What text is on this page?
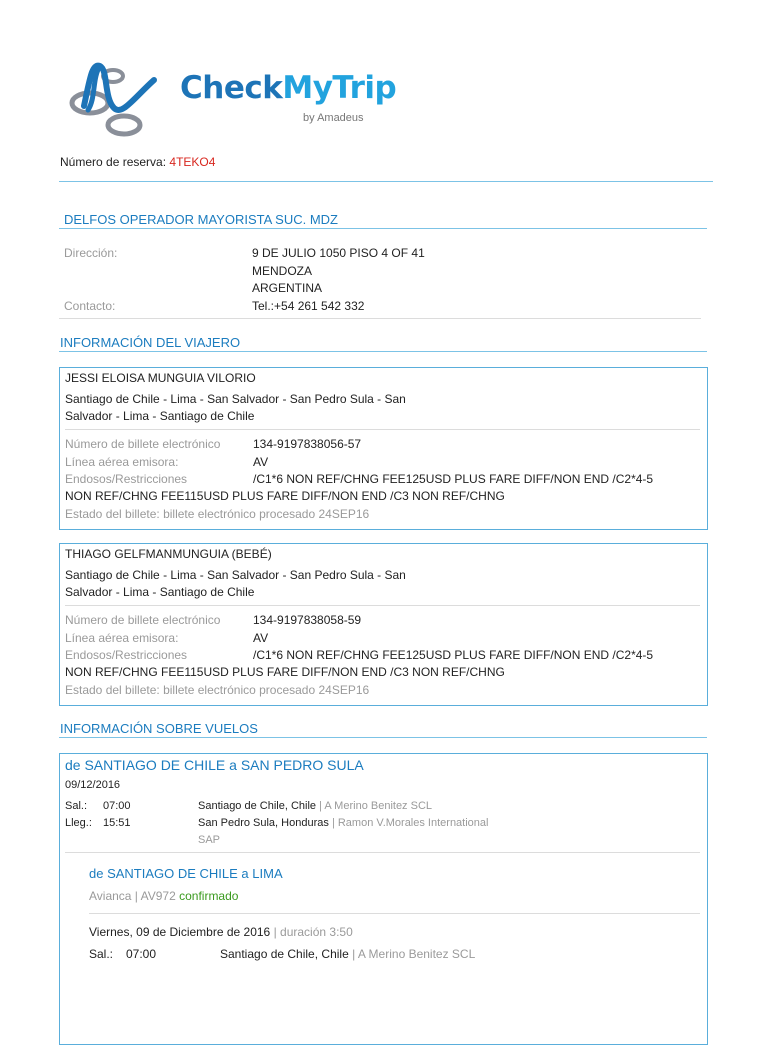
CheckMyTrip
by Amadeus
Número de reserva: 4TEKO4
DELFOS OPERADOR MAYORISTA SUC. MDZ
Dirección:	9 DE JULIO 1050 PISO 4 OF 41
MENDOZA
ARGENTINA
Contacto:	Tel.:+54 261 542 332
INFORMACIÓN DEL VIAJERO
JESSI ELOISA MUNGUIA VILORIO
Santiago de Chile - Lima - San Salvador - San Pedro Sula - San
Salvador - Lima - Santiago de Chile
Número de billete electrónico	134-9197838056-57
Línea aérea emisora:	AV
Endosos/Restricciones	/C1*6 NON REF/CHNG FEE125USD PLUS FARE DIFF/NON END /C2*4-5
NON REF/CHNG FEE115USD PLUS FARE DIFF/NON END /C3 NON REF/CHNG
Estado del billete: billete electrónico procesado 24SEP16
THIAGO GELFMANMUNGUIA (BEBÉ)
Santiago de Chile - Lima - San Salvador - San Pedro Sula - San
Salvador - Lima - Santiago de Chile
Número de billete electrónico	134-9197838058-59
Línea aérea emisora:	AV
Endosos/Restricciones	/C1*6 NON REF/CHNG FEE125USD PLUS FARE DIFF/NON END /C2*4-5
NON REF/CHNG FEE115USD PLUS FARE DIFF/NON END /C3 NON REF/CHNG
Estado del billete: billete electrónico procesado 24SEP16
INFORMACIÓN SOBRE VUELOS
de SANTIAGO DE CHILE a SAN PEDRO SULA
09/12/2016
Sal.: 07:00	Santiago de Chile, Chile | A Merino Benitez SCL
Lleg.: 15:51	San Pedro Sula, Honduras | Ramon V.Morales International
SAP
de SANTIAGO DE CHILE a LIMA
Avianca | AV972 confirmado
Viernes, 09 de Diciembre de 2016 | duración 3:50
Sal.: 07:00	Santiago de Chile, Chile | A Merino Benitez SCL
